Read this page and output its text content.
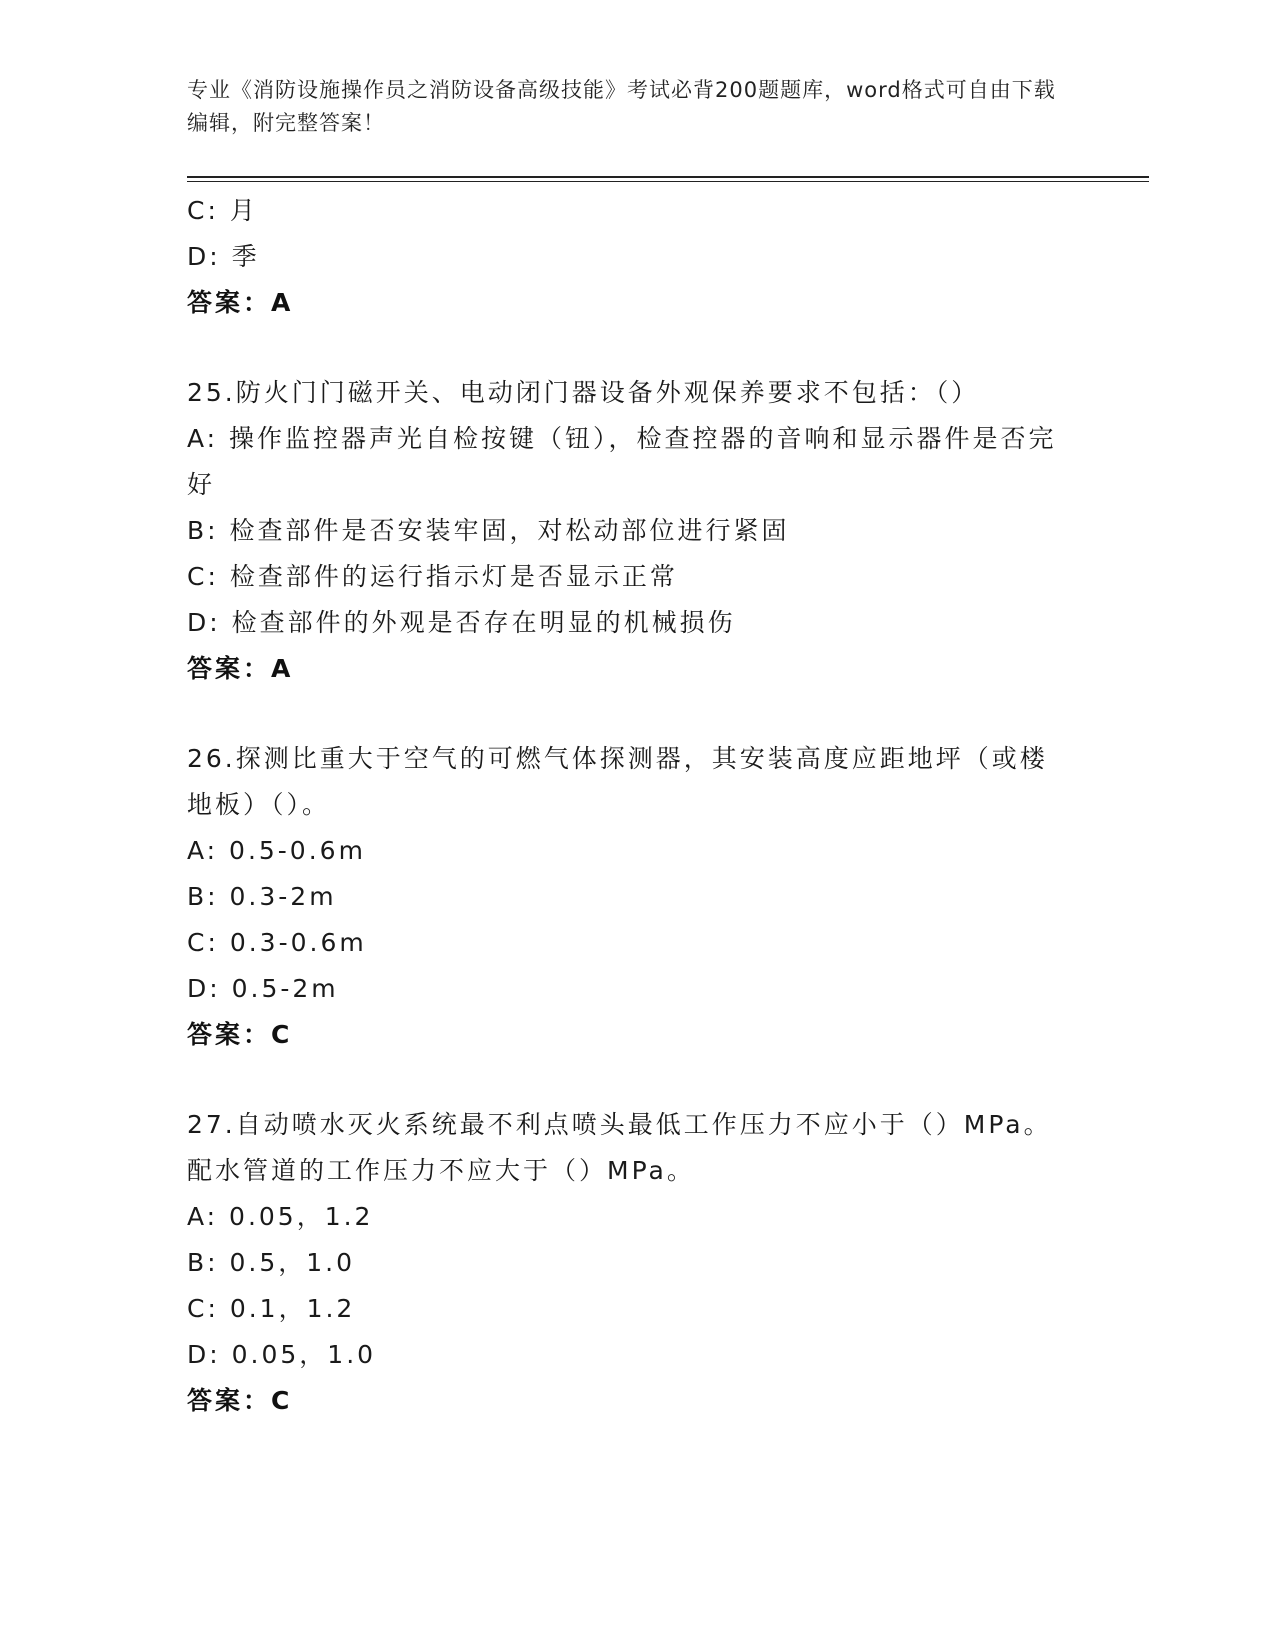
专业《消防设施操作员之消防设备高级技能》考试必背200题题库，word格式可自由下载编辑，附完整答案！
C: 月
D: 季
答案：A
25.防火门门磁开关、电动闭门器设备外观保养要求不包括：（）
A: 操作监控器声光自检按键（钮），检查控器的音响和显示器件是否完好
B: 检查部件是否安装牢固，对松动部位进行紧固
C: 检查部件的运行指示灯是否显示正常
D: 检查部件的外观是否存在明显的机械损伤
答案：A
26.探测比重大于空气的可燃气体探测器，其安装高度应距地坪（或楼地板）（）。
A: 0.5-0.6m
B: 0.3-2m
C: 0.3-0.6m
D: 0.5-2m
答案：C
27.自动喷水灭火系统最不利点喷头最低工作压力不应小于（）MPa。配水管道的工作压力不应大于（）MPa。
A: 0.05，1.2
B: 0.5，1.0
C: 0.1，1.2
D: 0.05，1.0
答案：C
